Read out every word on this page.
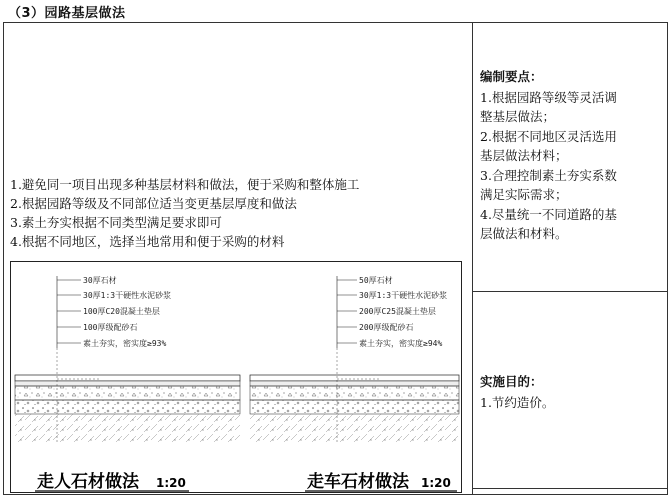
（3）园路基层做法
1.避免同一项目出现多种基层材料和做法，便于采购和整体施工
2.根据园路等级及不同部位适当变更基层厚度和做法
3.素土夯实根据不同类型满足要求即可
4.根据不同地区，选择当地常用和便于采购的材料
编制要点：
1.根据园路等级等灵活调
整基层做法；
2.根据不同地区灵活选用
基层做法材料；
3.合理控制素土夯实系数
满足实际需求；
4.尽量统一不同道路的基
层做法和材料。
实施目的：
1.节约造价。
30厚石材
30厚1:3干硬性水泥砂浆
100厚C20混凝土垫层
100厚级配砂石
素土夯实，密实度≥93%
走人石材做法 1:20
50厚石材
30厚1:3干硬性水泥砂浆
200厚C25混凝土垫层
200厚级配砂石
素土夯实，密实度≥94%
走车石材做法 1:20
